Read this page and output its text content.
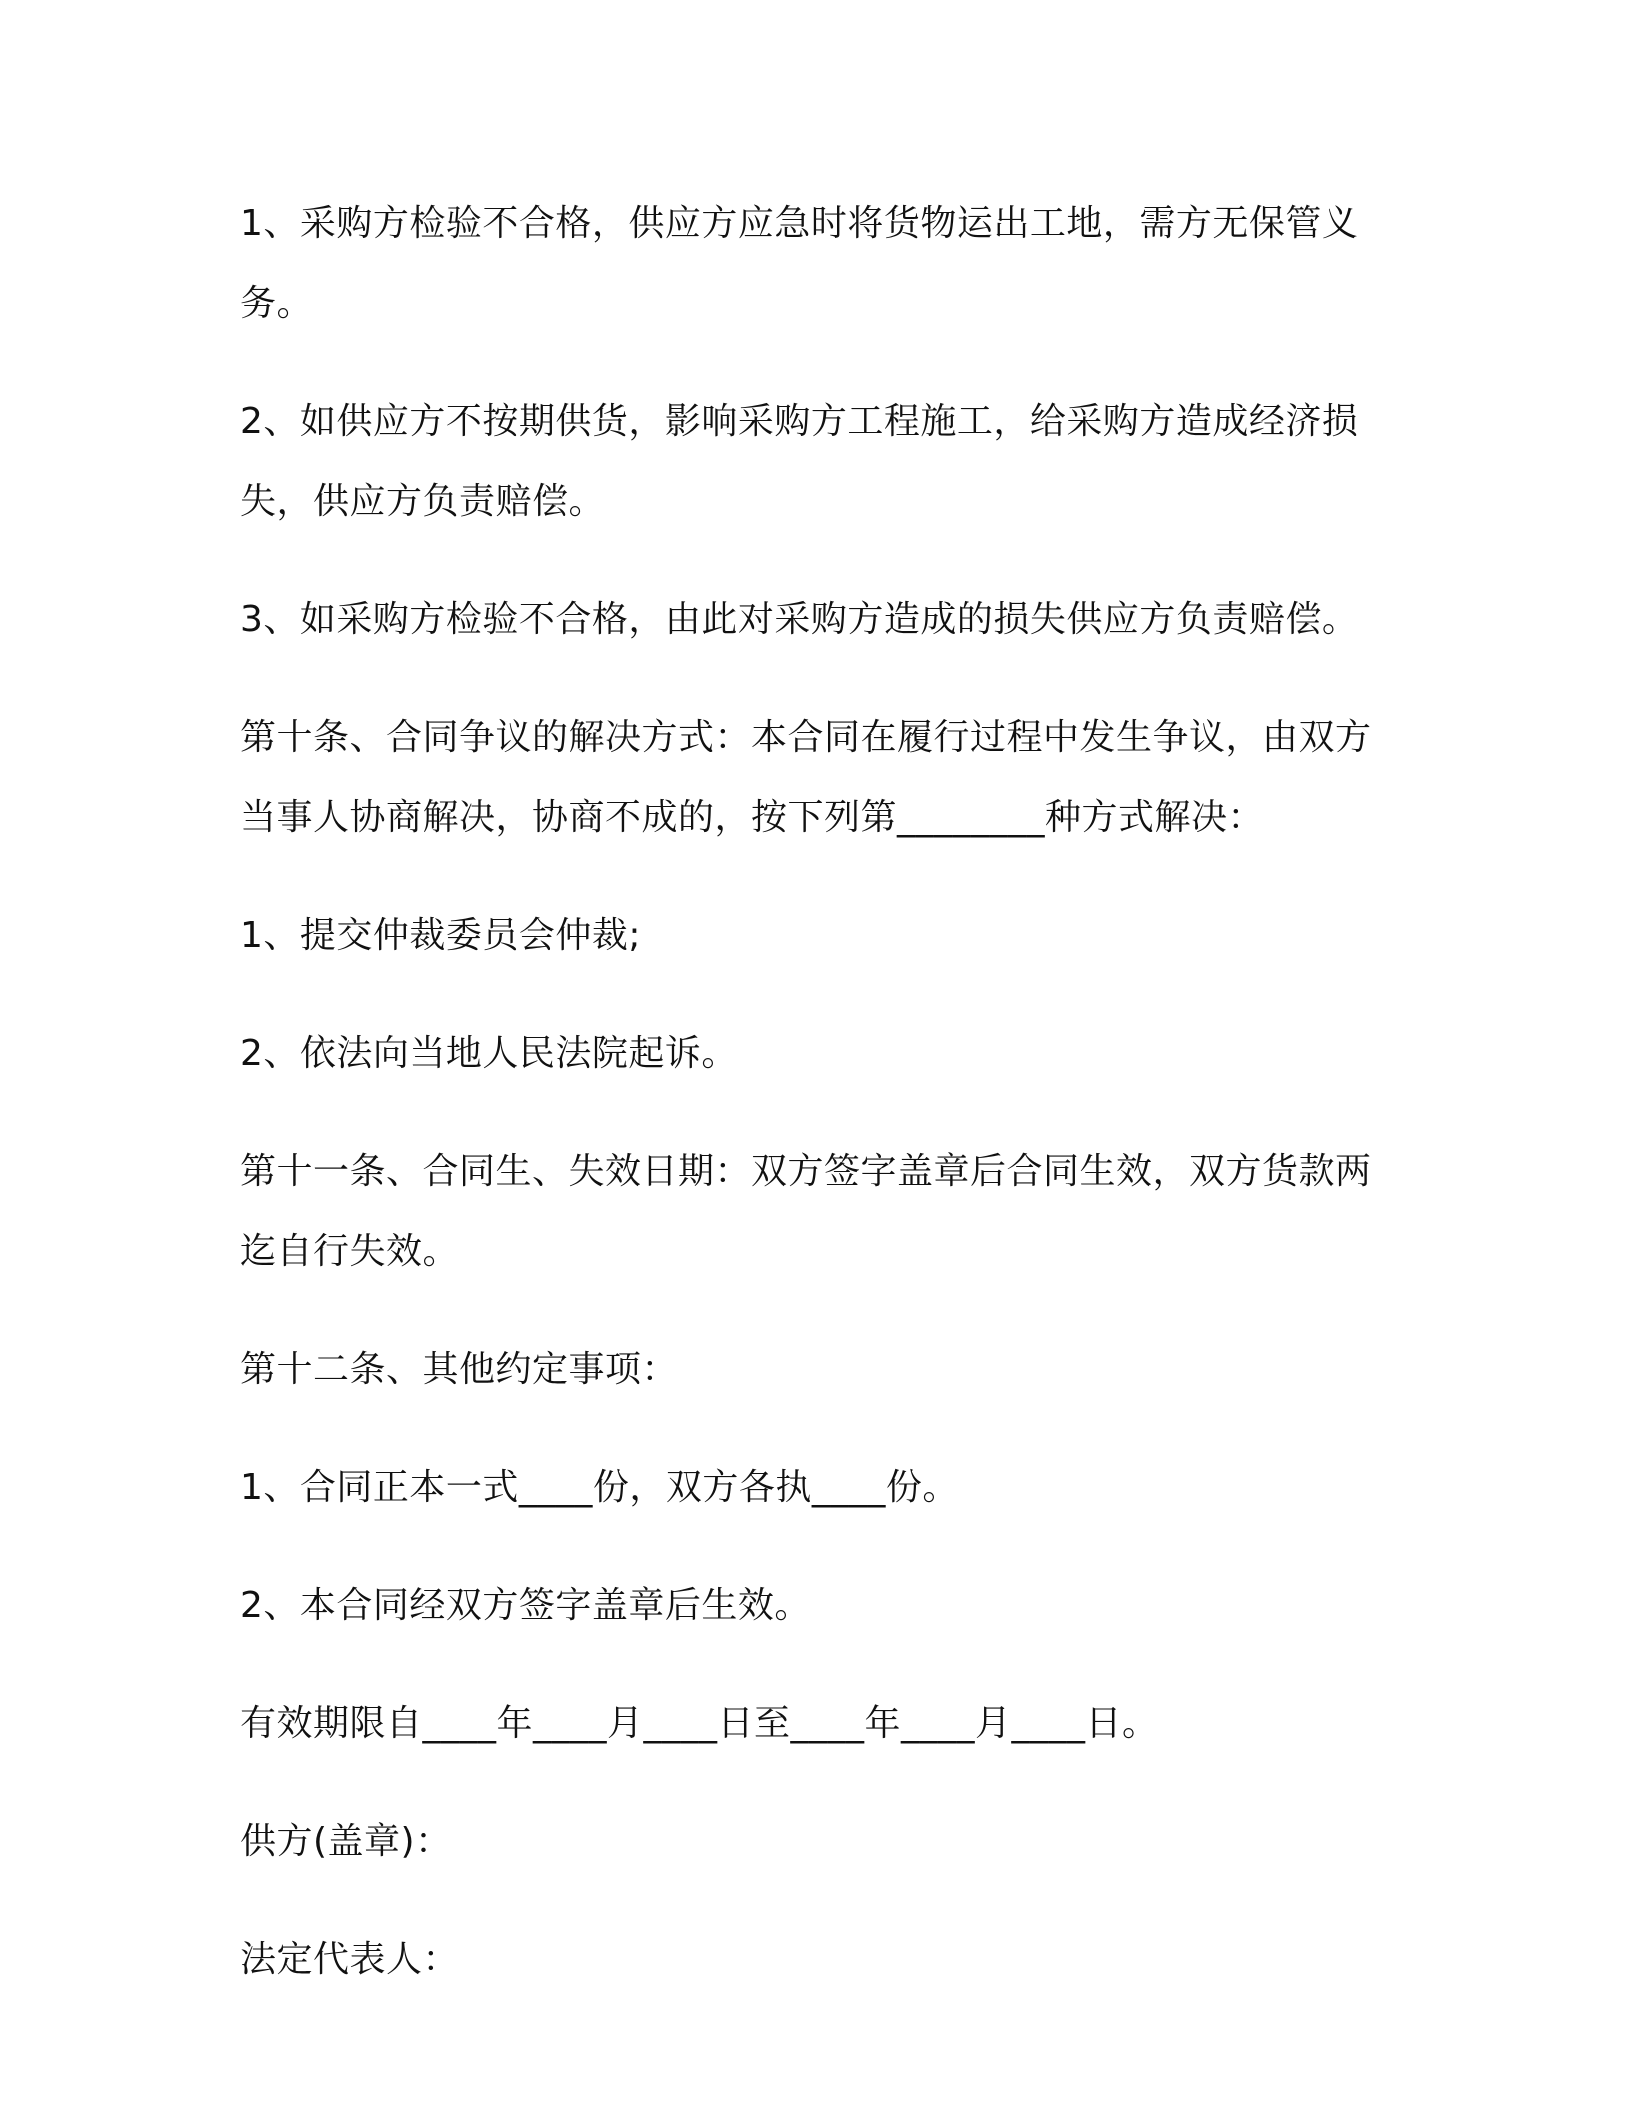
1、采购方检验不合格，供应方应急时将货物运出工地，需方无保管义务。

2、如供应方不按期供货，影响采购方工程施工，给采购方造成经济损失，供应方负责赔偿。

3、如采购方检验不合格，由此对采购方造成的损失供应方负责赔偿。

第十条、合同争议的解决方式：本合同在履行过程中发生争议，由双方当事人协商解决，协商不成的，按下列第________种方式解决：

1、提交仲裁委员会仲裁;

2、依法向当地人民法院起诉。

第十一条、合同生、失效日期：双方签字盖章后合同生效，双方货款两迄自行失效。

第十二条、其他约定事项：

1、合同正本一式____份，双方各执____份。

2、本合同经双方签字盖章后生效。

有效期限自____年____月____日至____年____月____日。

供方(盖章)：

法定代表人：
